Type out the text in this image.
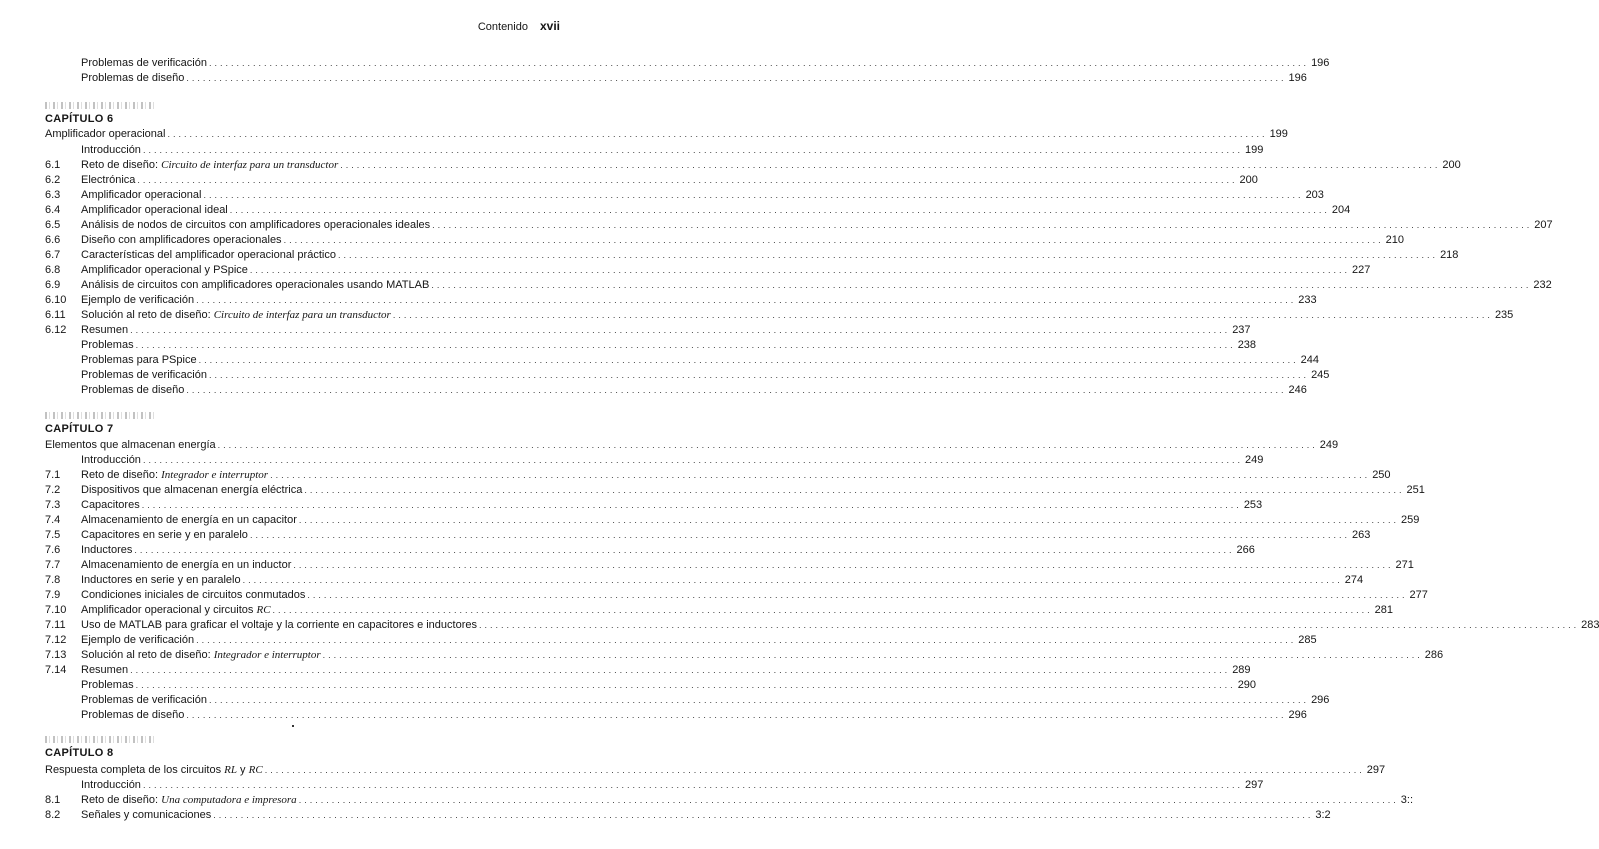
Contenido xvii
CAPÍTULO 6
CAPÍTULO 7
CAPÍTULO 8
Problemas de verificación ........................................................................................................................................................................................................ 196
Problemas de diseño ........................................................................................................................................................................................................ 196
Amplificador operacional ........................................................................................................................................................................................................ 199
Introducción ........................................................................................................................................................................................................ 199
6.1 Reto de diseño: Circuito de interfaz para un transductor ........................................................................................................................................................................................................ 200
6.2 Electrónica ........................................................................................................................................................................................................ 200
6.3 Amplificador operacional ........................................................................................................................................................................................................ 203
6.4 Amplificador operacional ideal ........................................................................................................................................................................................................ 204
6.5 Análisis de nodos de circuitos con amplificadores operacionales ideales ........................................................................................................................................................................................................ 207
6.6 Diseño con amplificadores operacionales ........................................................................................................................................................................................................ 210
6.7 Características del amplificador operacional práctico ........................................................................................................................................................................................................ 218
6.8 Amplificador operacional y PSpice ........................................................................................................................................................................................................ 227
6.9 Análisis de circuitos con amplificadores operacionales usando MATLAB ........................................................................................................................................................................................................ 232
6.10 Ejemplo de verificación ........................................................................................................................................................................................................ 233
6.11 Solución al reto de diseño: Circuito de interfaz para un transductor ........................................................................................................................................................................................................ 235
6.12 Resumen ........................................................................................................................................................................................................ 237
Problemas ........................................................................................................................................................................................................ 238
Problemas para PSpice ........................................................................................................................................................................................................ 244
Problemas de verificación ........................................................................................................................................................................................................ 245
Problemas de diseño ........................................................................................................................................................................................................ 246
Elementos que almacenan energía ........................................................................................................................................................................................................ 249
Introducción ........................................................................................................................................................................................................ 249
7.1 Reto de diseño: Integrador e interruptor ........................................................................................................................................................................................................ 250
7.2 Dispositivos que almacenan energía eléctrica ........................................................................................................................................................................................................ 251
7.3 Capacitores ........................................................................................................................................................................................................ 253
7.4 Almacenamiento de energía en un capacitor ........................................................................................................................................................................................................ 259
7.5 Capacitores en serie y en paralelo ........................................................................................................................................................................................................ 263
7.6 Inductores ........................................................................................................................................................................................................ 266
7.7 Almacenamiento de energía en un inductor ........................................................................................................................................................................................................ 271
7.8 Inductores en serie y en paralelo ........................................................................................................................................................................................................ 274
7.9 Condiciones iniciales de circuitos conmutados ........................................................................................................................................................................................................ 277
7.10 Amplificador operacional y circuitos RC ........................................................................................................................................................................................................ 281
7.11 Uso de MATLAB para graficar el voltaje y la corriente en capacitores e inductores ........................................................................................................................................................................................................ 283
7.12 Ejemplo de verificación ........................................................................................................................................................................................................ 285
7.13 Solución al reto de diseño: Integrador e interruptor ........................................................................................................................................................................................................ 286
7.14 Resumen ........................................................................................................................................................................................................ 289
Problemas ........................................................................................................................................................................................................ 290
Problemas de verificación ........................................................................................................................................................................................................ 296
Problemas de diseño ........................................................................................................................................................................................................ 296
Respuesta completa de los circuitos RL y RC ........................................................................................................................................................................................................ 297
Introducción ........................................................................................................................................................................................................ 297
8.1 Reto de diseño: Una computadora e impresora ........................................................................................................................................................................................................ 3::
8.2 Señales y comunicaciones ........................................................................................................................................................................................................ 3:2
